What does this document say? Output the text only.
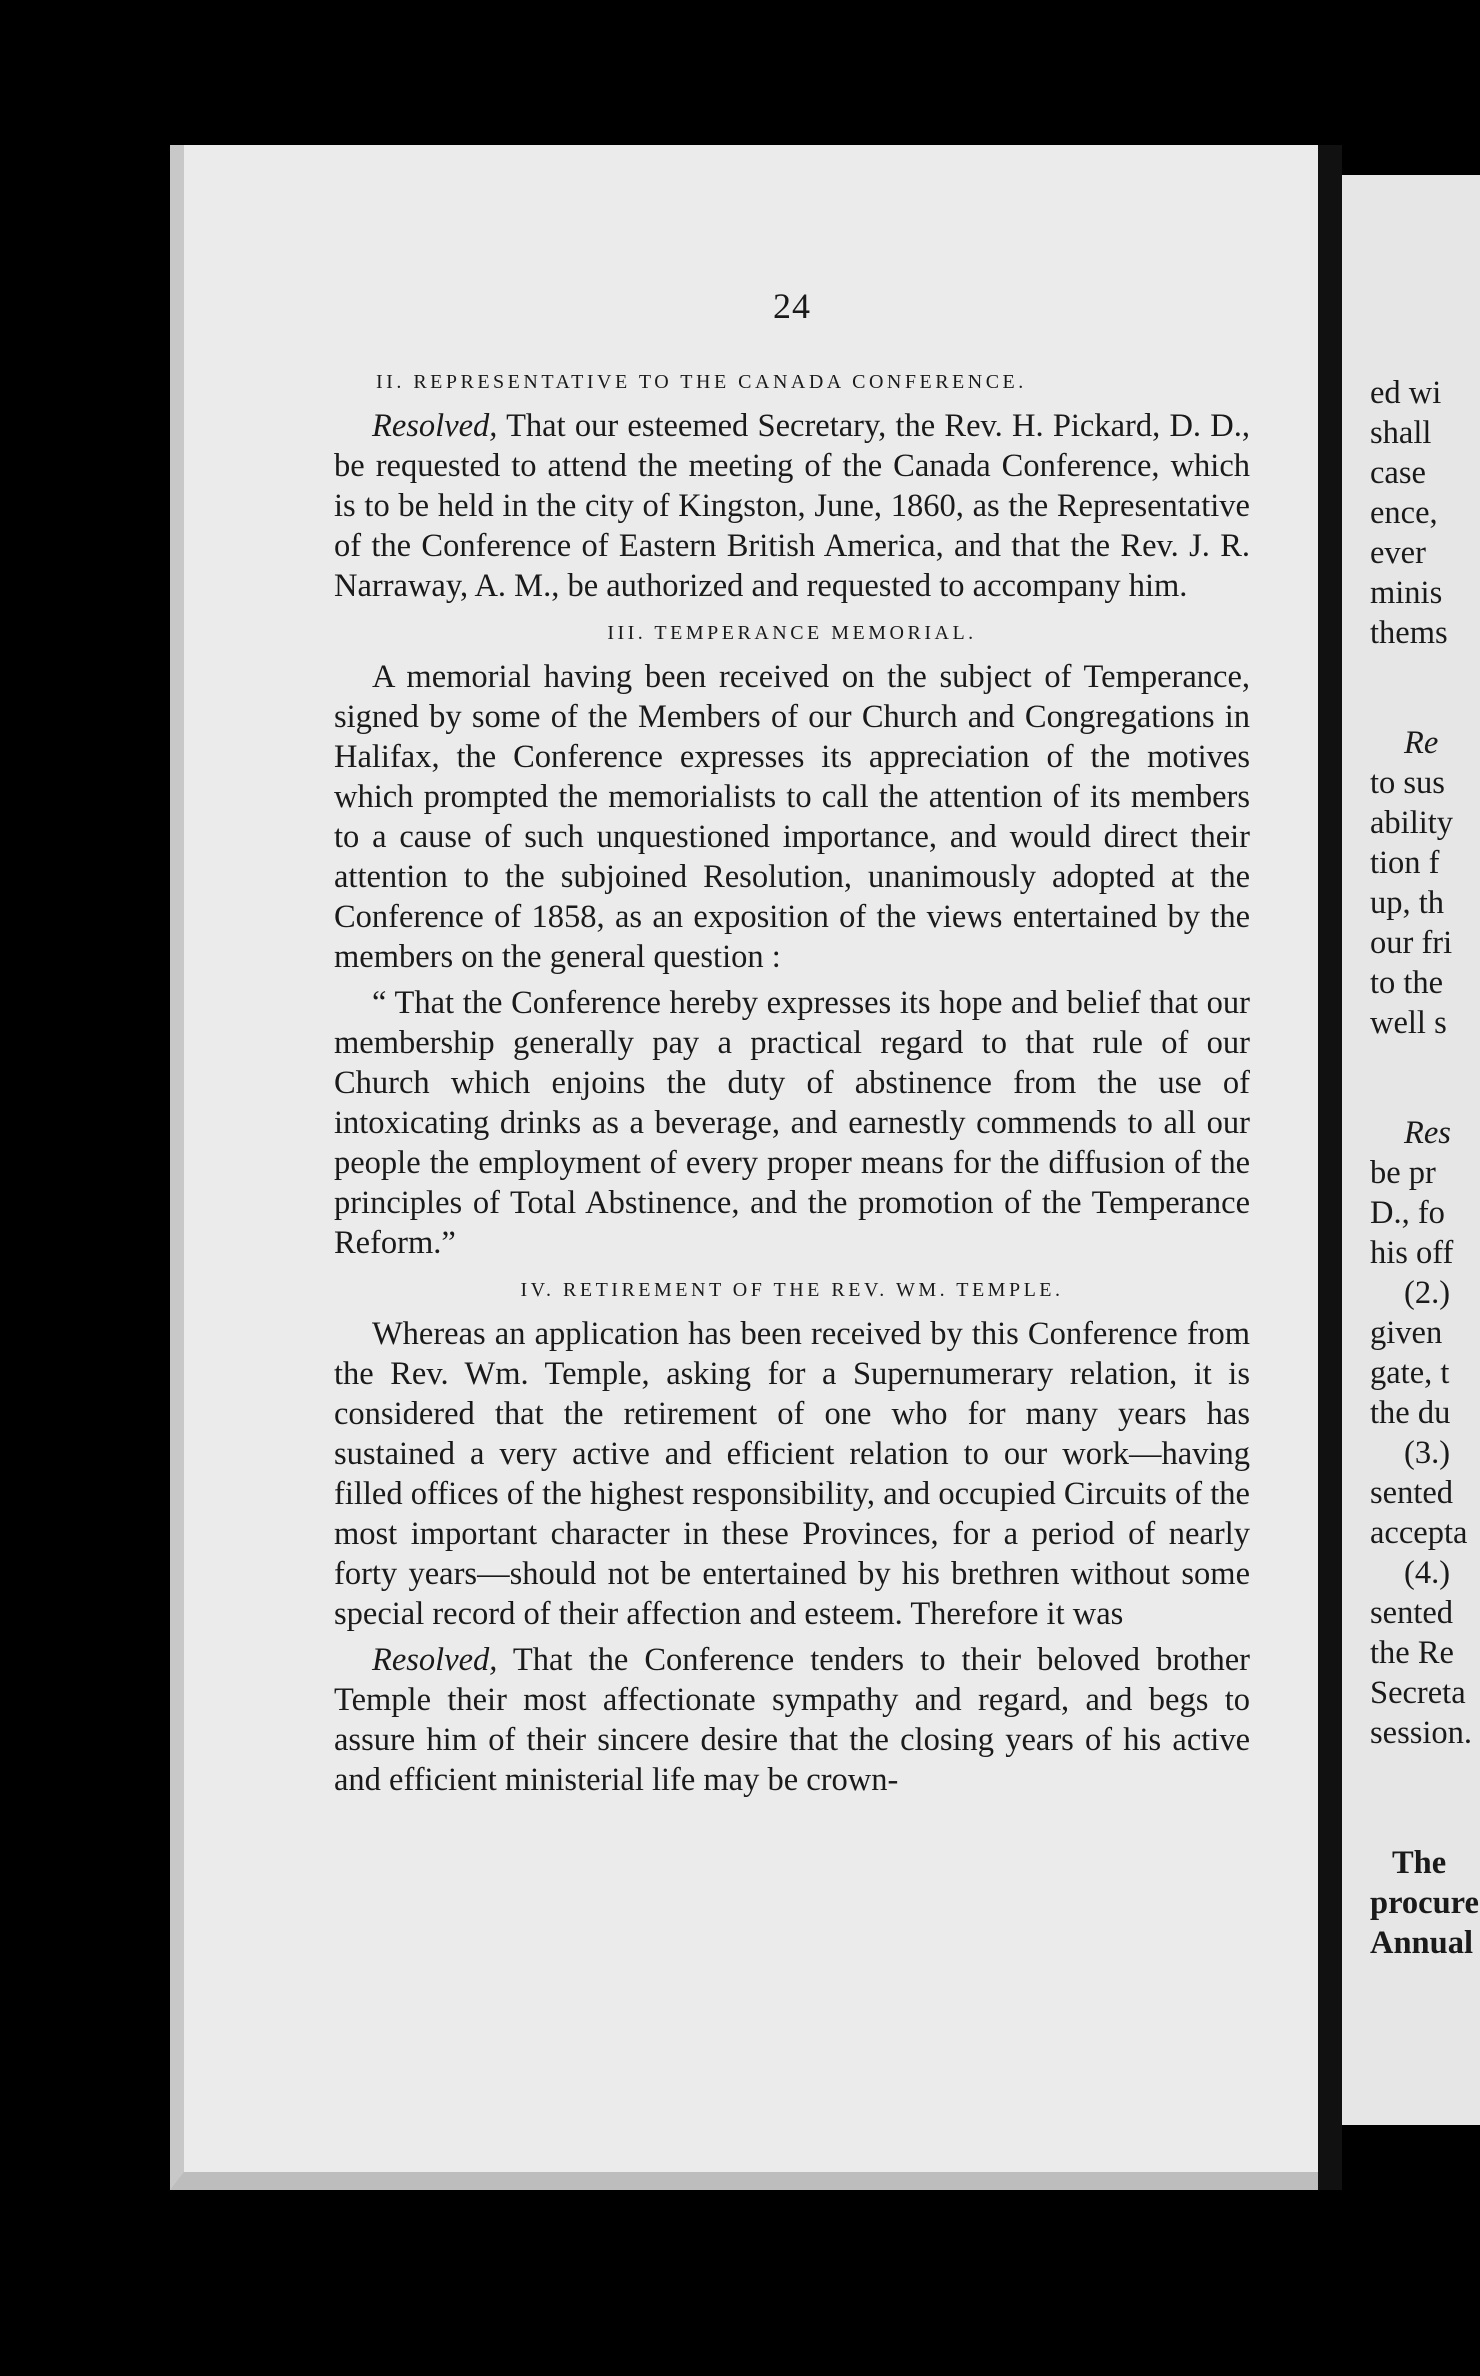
24
II. REPRESENTATIVE TO THE CANADA CONFERENCE.

Resolved, That our esteemed Secretary, the Rev. H. Pickard, D. D., be requested to attend the meeting of the Canada Conference, which is to be held in the city of Kingston, June, 1860, as the Representative of the Conference of Eastern British America, and that the Rev. J. R. Narraway, A. M., be authorized and requested to accompany him.

III. TEMPERANCE MEMORIAL.

A memorial having been received on the subject of Temperance, signed by some of the Members of our Church and Congregations in Halifax, the Conference expresses its appreciation of the motives which prompted the memorialists to call the attention of its members to a cause of such unquestioned importance, and would direct their attention to the subjoined Resolution, unanimously adopted at the Conference of 1858, as an exposition of the views entertained by the members on the general question :

“ That the Conference hereby expresses its hope and belief that our membership generally pay a practical regard to that rule of our Church which enjoins the duty of abstinence from the use of intoxicating drinks as a beverage, and earnestly commends to all our people the employment of every proper means for the diffusion of the principles of Total Abstinence, and the promotion of the Temperance Reform.”

IV. RETIREMENT OF THE REV. WM. TEMPLE.

Whereas an application has been received by this Conference from the Rev. Wm. Temple, asking for a Supernumerary relation, it is considered that the retirement of one who for many years has sustained a very active and efficient relation to our work—having filled offices of the highest responsibility, and occupied Circuits of the most important character in these Provinces, for a period of nearly forty years—should not be entertained by his brethren without some special record of their affection and esteem. Therefore it was

Resolved, That the Conference tenders to their beloved brother Temple their most affectionate sympathy and regard, and begs to assure him of their sincere desire that the closing years of his active and efficient ministerial life may be crown-

ed wi
shall
case
ence,
ever
minis
thems
Re
to sus
ability
tion f
up, th
our fri
to the
well s
Res
be pr
D., fo
his off
(2.)
given
gate, t
the du
(3.)
sented
accepta
(4.)
sented
the Re
Secreta
session.
The
procure
Annual
